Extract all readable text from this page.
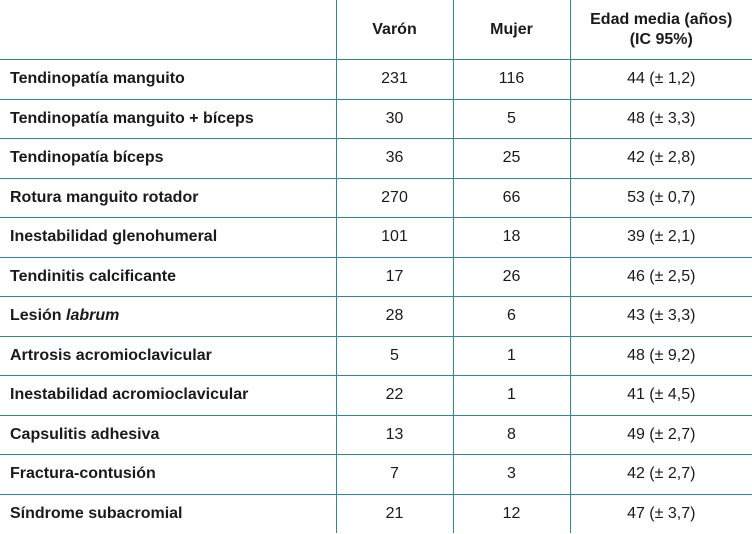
	Varón	Mujer	Edad media (años)
(IC 95%)

Tendinopatía manguito	231	116	44 (± 1,2)
Tendinopatía manguito + bíceps	30	5	48 (± 3,3)
Tendinopatía bíceps	36	25	42 (± 2,8)
Rotura manguito rotador	270	66	53 (± 0,7)
Inestabilidad glenohumeral	101	18	39 (± 2,1)
Tendinitis calcificante	17	26	46 (± 2,5)
Lesión labrum	28	6	43 (± 3,3)
Artrosis acromioclavicular	5	1	48 (± 9,2)
Inestabilidad acromioclavicular	22	1	41 (± 4,5)
Capsulitis adhesiva	13	8	49 (± 2,7)
Fractura-contusión	7	3	42 (± 2,7)
Síndrome subacromial	21	12	47 (± 3,7)
